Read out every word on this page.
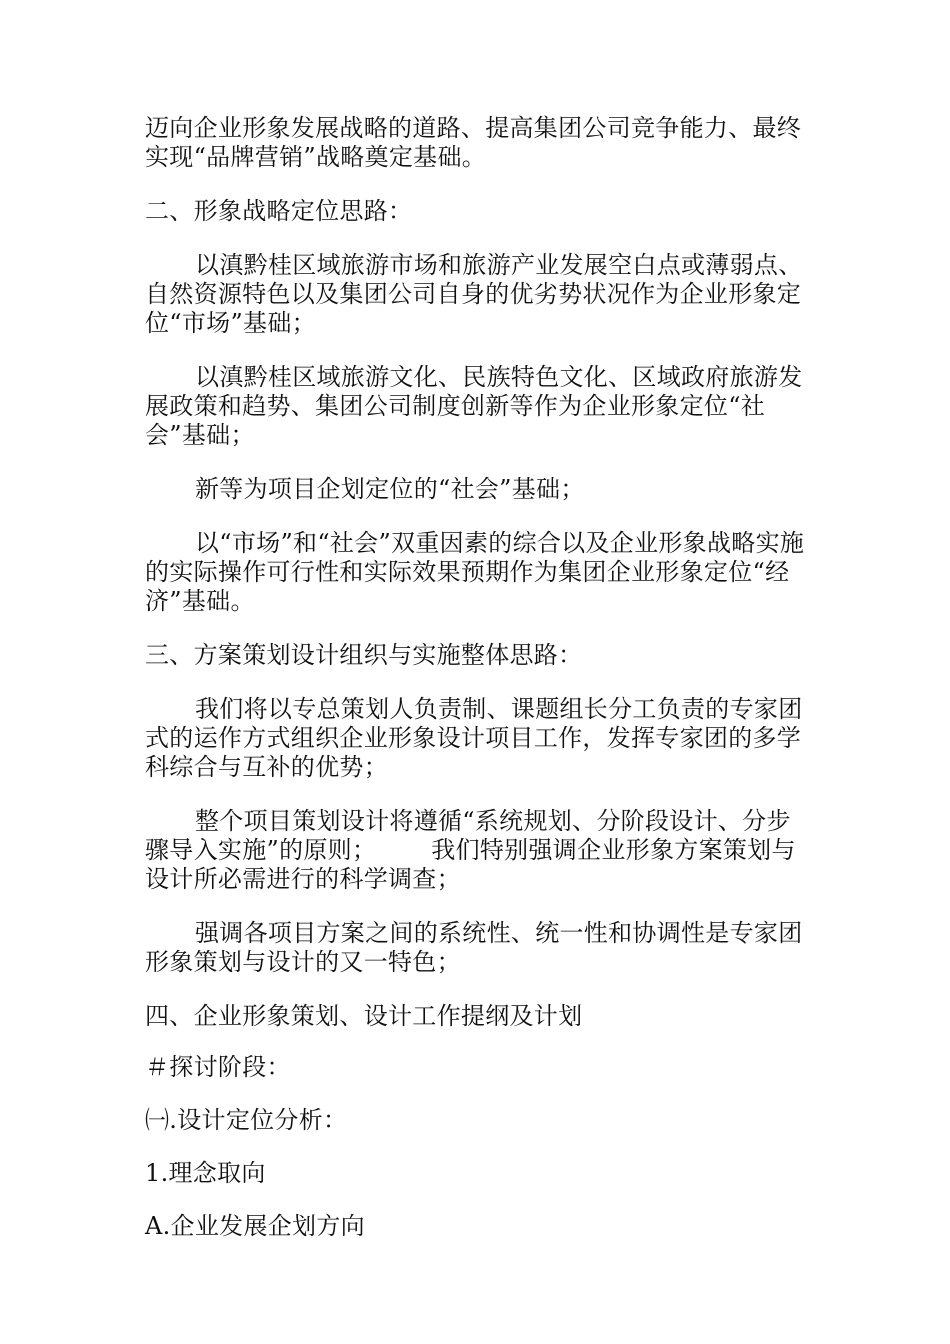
迈向企业形象发展战略的道路、提高集团公司竞争能力、最终实现“品牌营销”战略奠定基础。

二、形象战略定位思路：

以滇黔桂区域旅游市场和旅游产业发展空白点或薄弱点、自然资源特色以及集团公司自身的优劣势状况作为企业形象定位“市场”基础；

以滇黔桂区域旅游文化、民族特色文化、区域政府旅游发展政策和趋势、集团公司制度创新等作为企业形象定位“社会”基础；

新等为项目企划定位的“社会”基础；

以“市场”和“社会”双重因素的综合以及企业形象战略实施的实际操作可行性和实际效果预期作为集团企业形象定位“经济”基础。

三、方案策划设计组织与实施整体思路：

我们将以专总策划人负责制、课题组长分工负责的专家团式的运作方式组织企业形象设计项目工作，发挥专家团的多学科综合与互补的优势；

整个项目策划设计将遵循“系统规划、分阶段设计、分步骤导入实施”的原则； 我们特别强调企业形象方案策划与设计所必需进行的科学调查；

强调各项目方案之间的系统性、统一性和协调性是专家团形象策划与设计的又一特色；

四、企业形象策划、设计工作提纲及计划

＃探讨阶段：

㈠.设计定位分析：

1.理念取向

A.企业发展企划方向
